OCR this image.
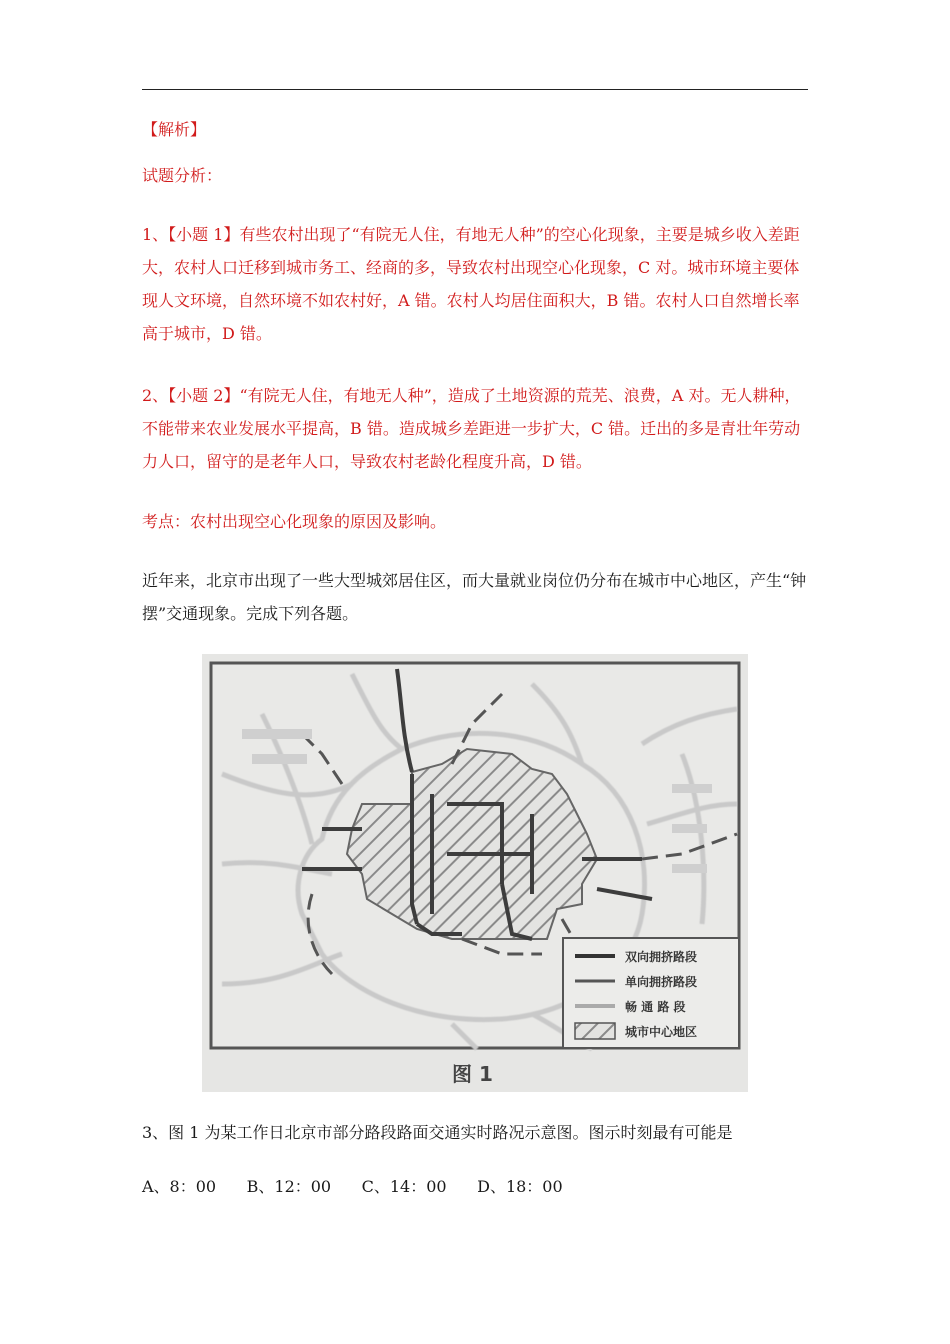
【解析】

试题分析：

1、【小题 1】有些农村出现了“有院无人住，有地无人种”的空心化现象，主要是城乡收入差距大，农村人口迁移到城市务工、经商的多，导致农村出现空心化现象，C 对。城市环境主要体现人文环境，自然环境不如农村好，A 错。农村人均居住面积大，B 错。农村人口自然增长率高于城市，D 错。

2、【小题 2】“有院无人住，有地无人种”，造成了土地资源的荒芜、浪费，A 对。无人耕种，不能带来农业发展水平提高，B 错。造成城乡差距进一步扩大，C 错。迁出的多是青壮年劳动力人口，留守的是老年人口，导致农村老龄化程度升高，D 错。

考点：农村出现空心化现象的原因及影响。

近年来，北京市出现了一些大型城郊居住区，而大量就业岗位仍分布在城市中心地区，产生“钟摆”交通现象。完成下列各题。

双向拥挤路段
单向拥挤路段
畅 通 路 段
城市中心地区
图 1

3、图 1 为某工作日北京市部分路段路面交通实时路况示意图。图示时刻最有可能是

A、8：00 B、12：00 C、14：00 D、18：00
